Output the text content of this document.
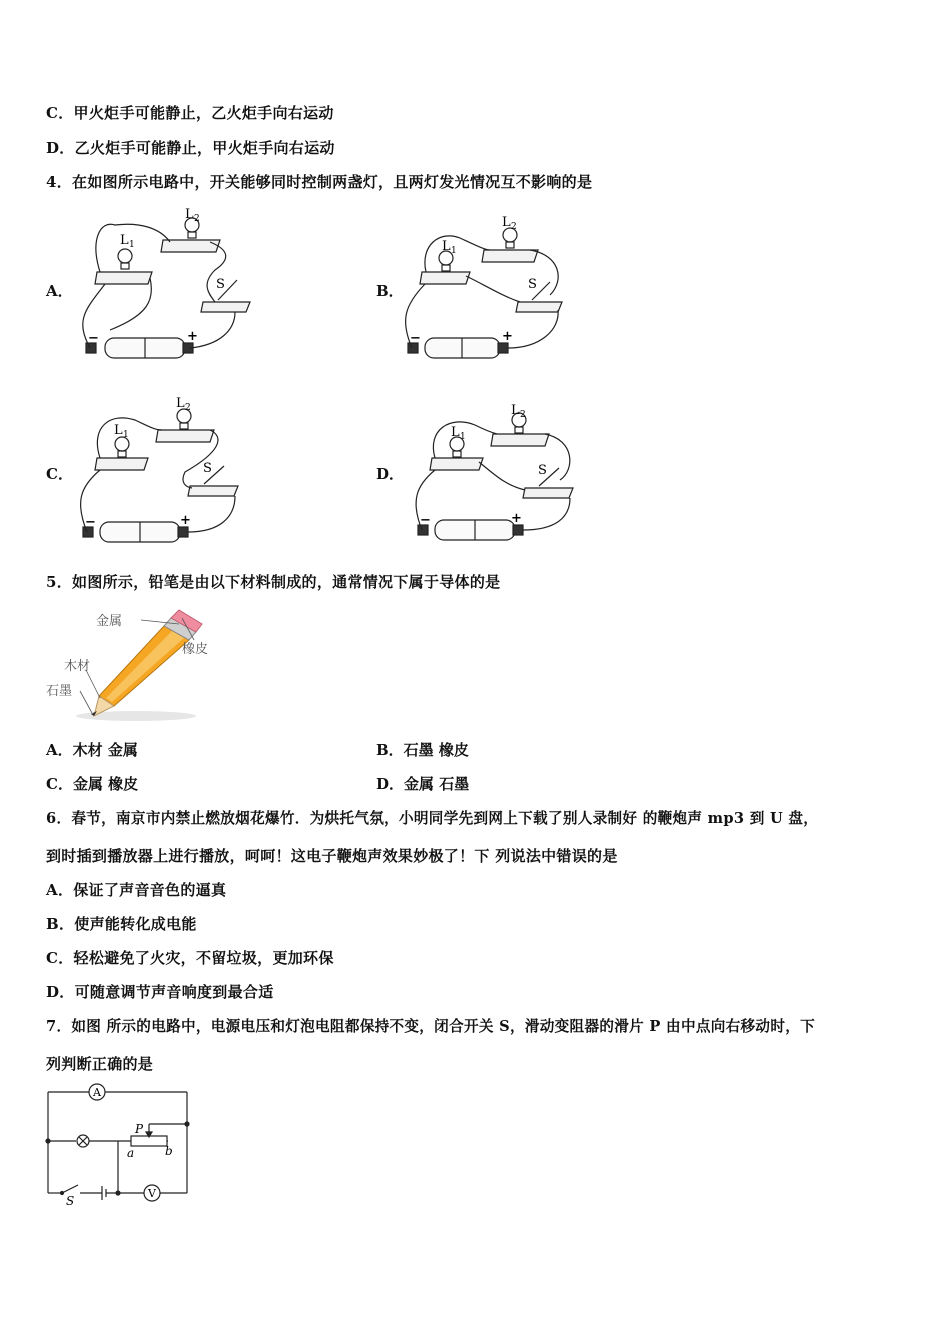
C．甲火炬手可能静止，乙火炬手向右运动
D．乙火炬手可能静止，甲火炬手向右运动
4．在如图所示电路中，开关能够同时控制两盏灯，且两灯发光情况互不影响的是
A．	B．
C．	D．
L 1
L 2
S
+
−
L 1
L 2
S
+
−
L 1
L 2
S
+
−
L 1
L 2
S
+
−
5．如图所示，铅笔是由以下材料制成的，通常情况下属于导体的是
金属
橡皮
木材
石墨
A．木材 金属	B．石墨 橡皮
C．金属 橡皮	D．金属 石墨
6．春节，南京市内禁止燃放烟花爆竹．为烘托气氛，小明同学先到网上下载了别人录制好 的鞭炮声 mp3 到 U 盘，
到时插到播放器上进行播放，呵呵！这电子鞭炮声效果妙极了！下 列说法中错误的是
A．保证了声音音色的逼真
B．使声能转化成电能
C．轻松避免了火灾，不留垃圾，更加环保
D．可随意调节声音响度到最合适
7．如图 所示的电路中，电源电压和灯泡电阻都保持不变，闭合开关 S，滑动变阻器的滑片 P 由中点向右移动时，下
列判断正确的是
A
V
P
a	b
S
